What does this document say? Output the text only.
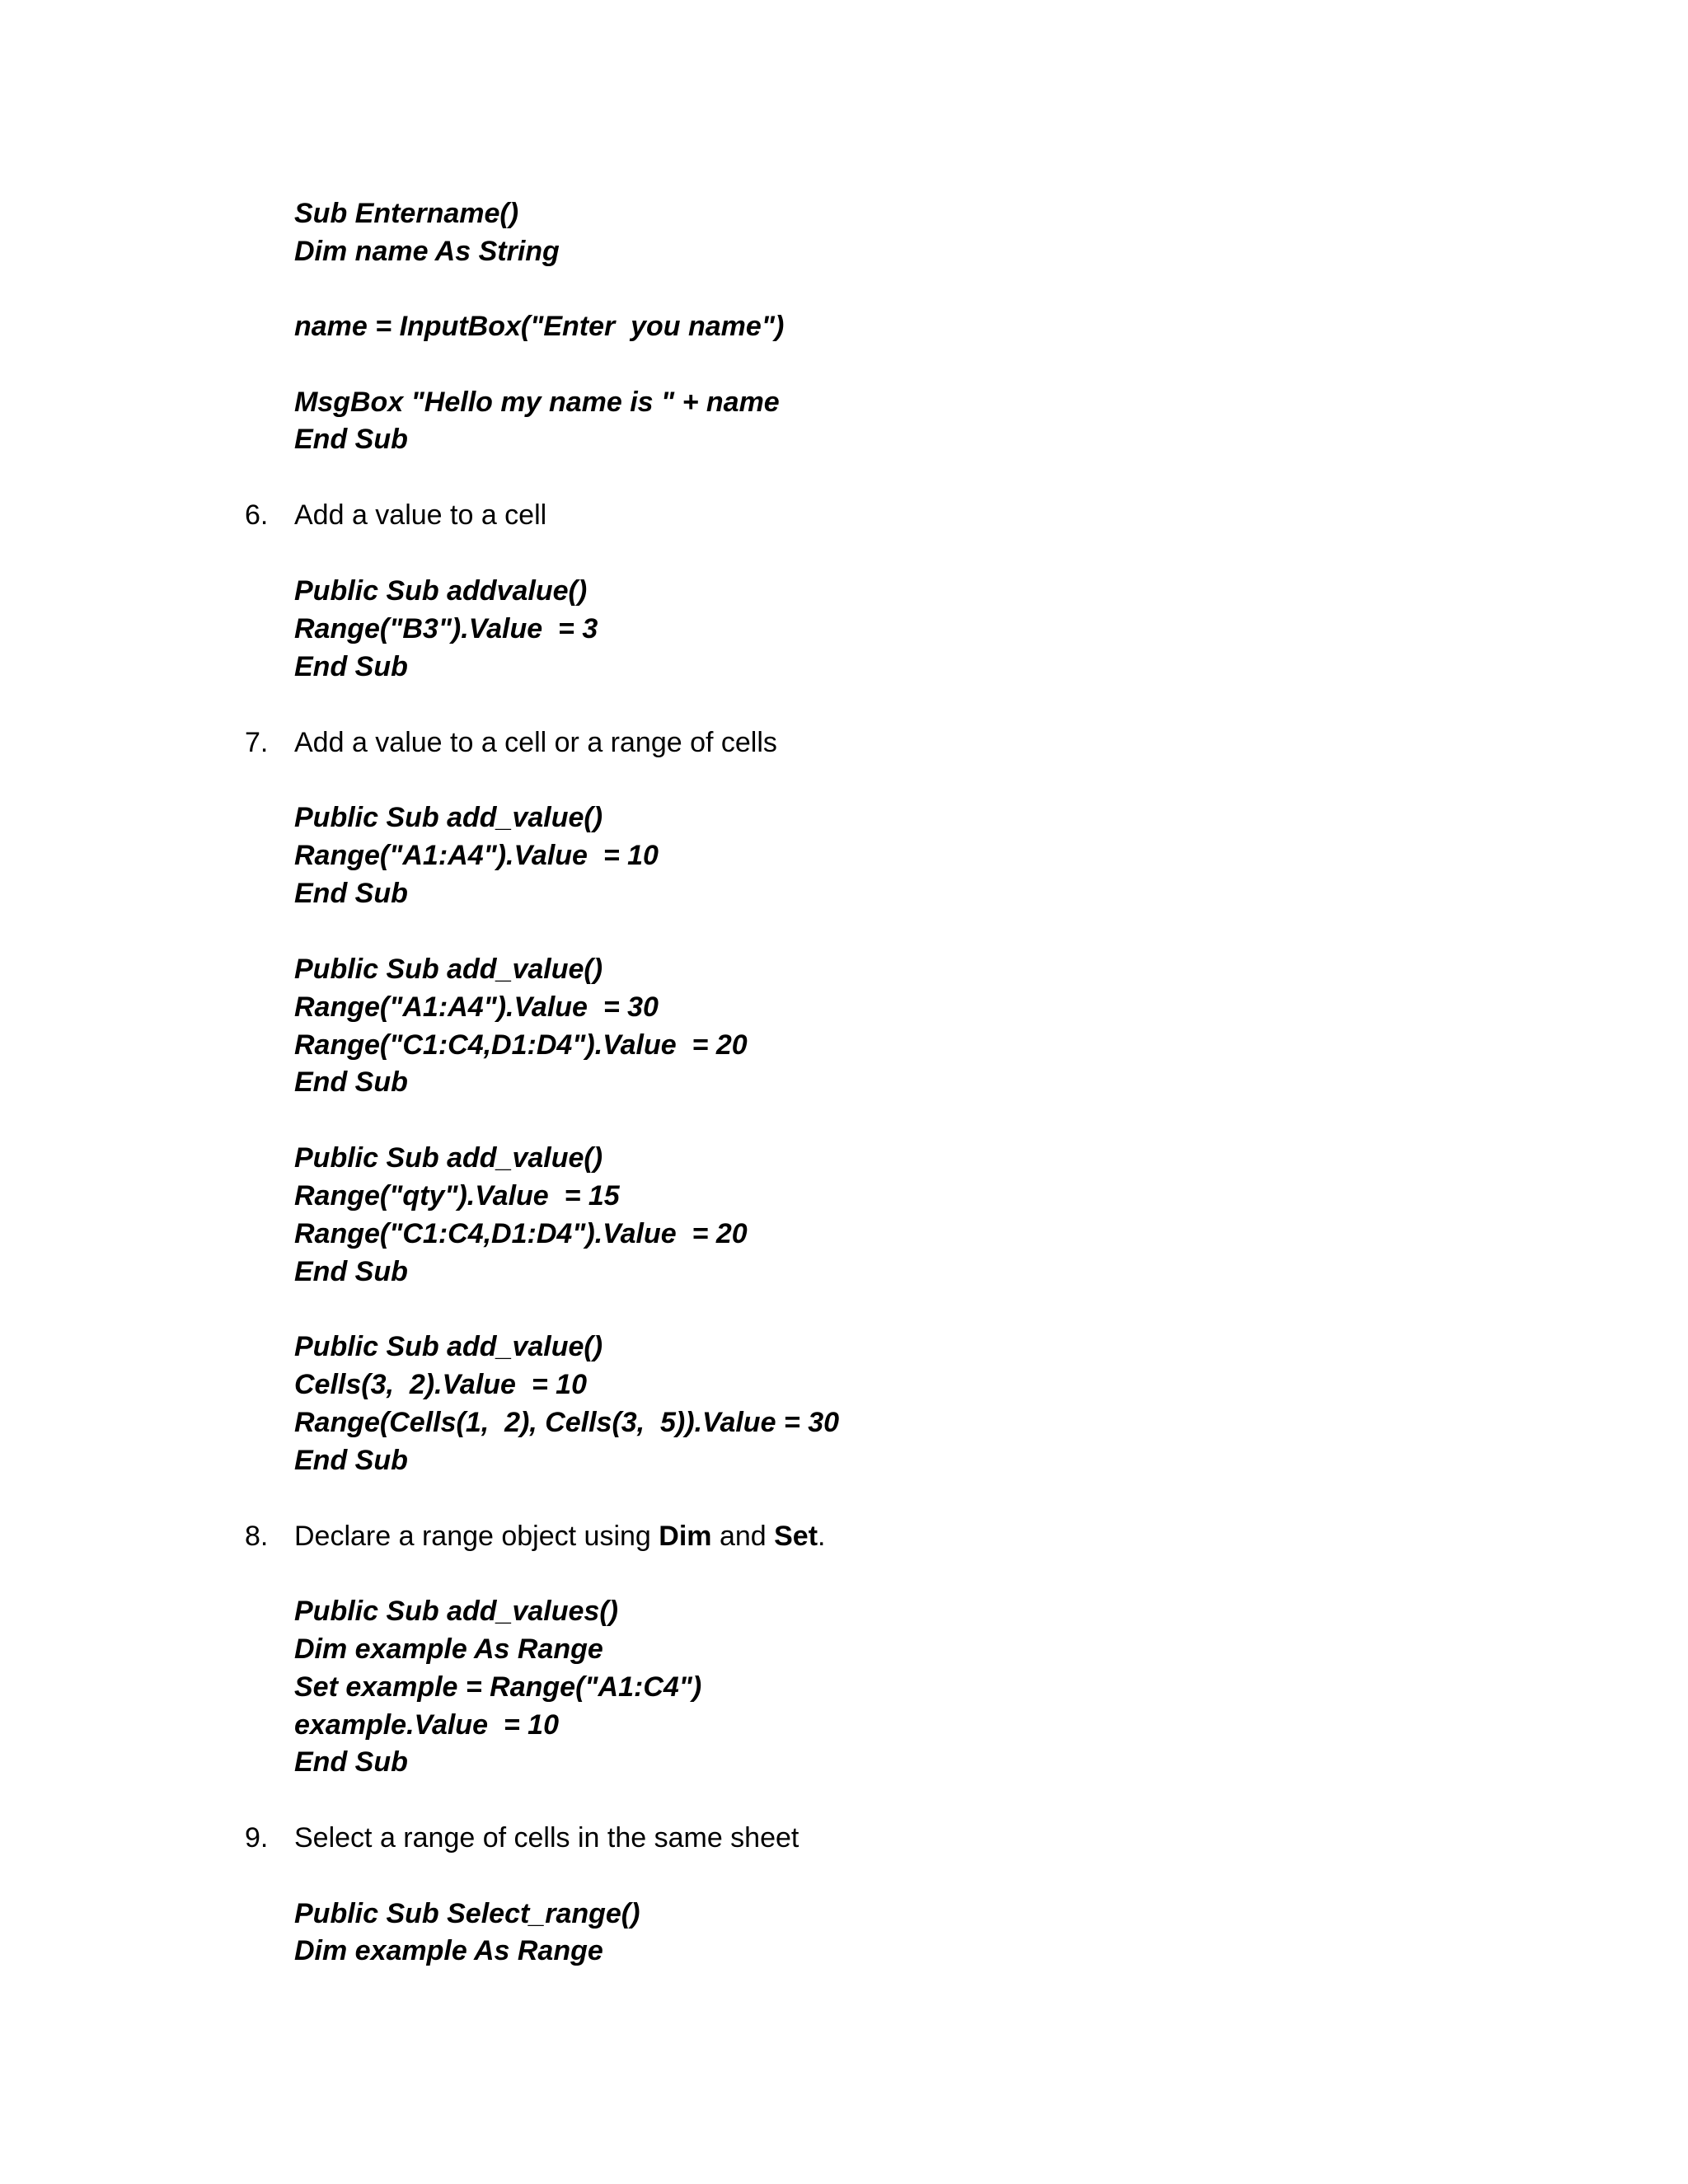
Sub Entername()
Dim name As String
name = InputBox("Enter  you name")
MsgBox "Hello my name is " + name
End Sub
6. Add a value to a cell
Public Sub addvalue()
Range("B3").Value  = 3
End Sub
7. Add a value to a cell or a range of cells
Public Sub add_value()
Range("A1:A4").Value  = 10
End Sub
Public Sub add_value()
Range("A1:A4").Value  = 30
Range("C1:C4,D1:D4").Value  = 20
End Sub
Public Sub add_value()
Range("qty").Value  = 15
Range("C1:C4,D1:D4").Value  = 20
End Sub
Public Sub add_value()
Cells(3,  2).Value  = 10
Range(Cells(1,  2), Cells(3,  5)).Value = 30
End Sub
8. Declare a range object using Dim and Set.
Public Sub add_values()
Dim example As Range
Set example = Range("A1:C4")
example.Value  = 10
End Sub
9. Select a range of cells in the same sheet
Public Sub Select_range()
Dim example As Range
